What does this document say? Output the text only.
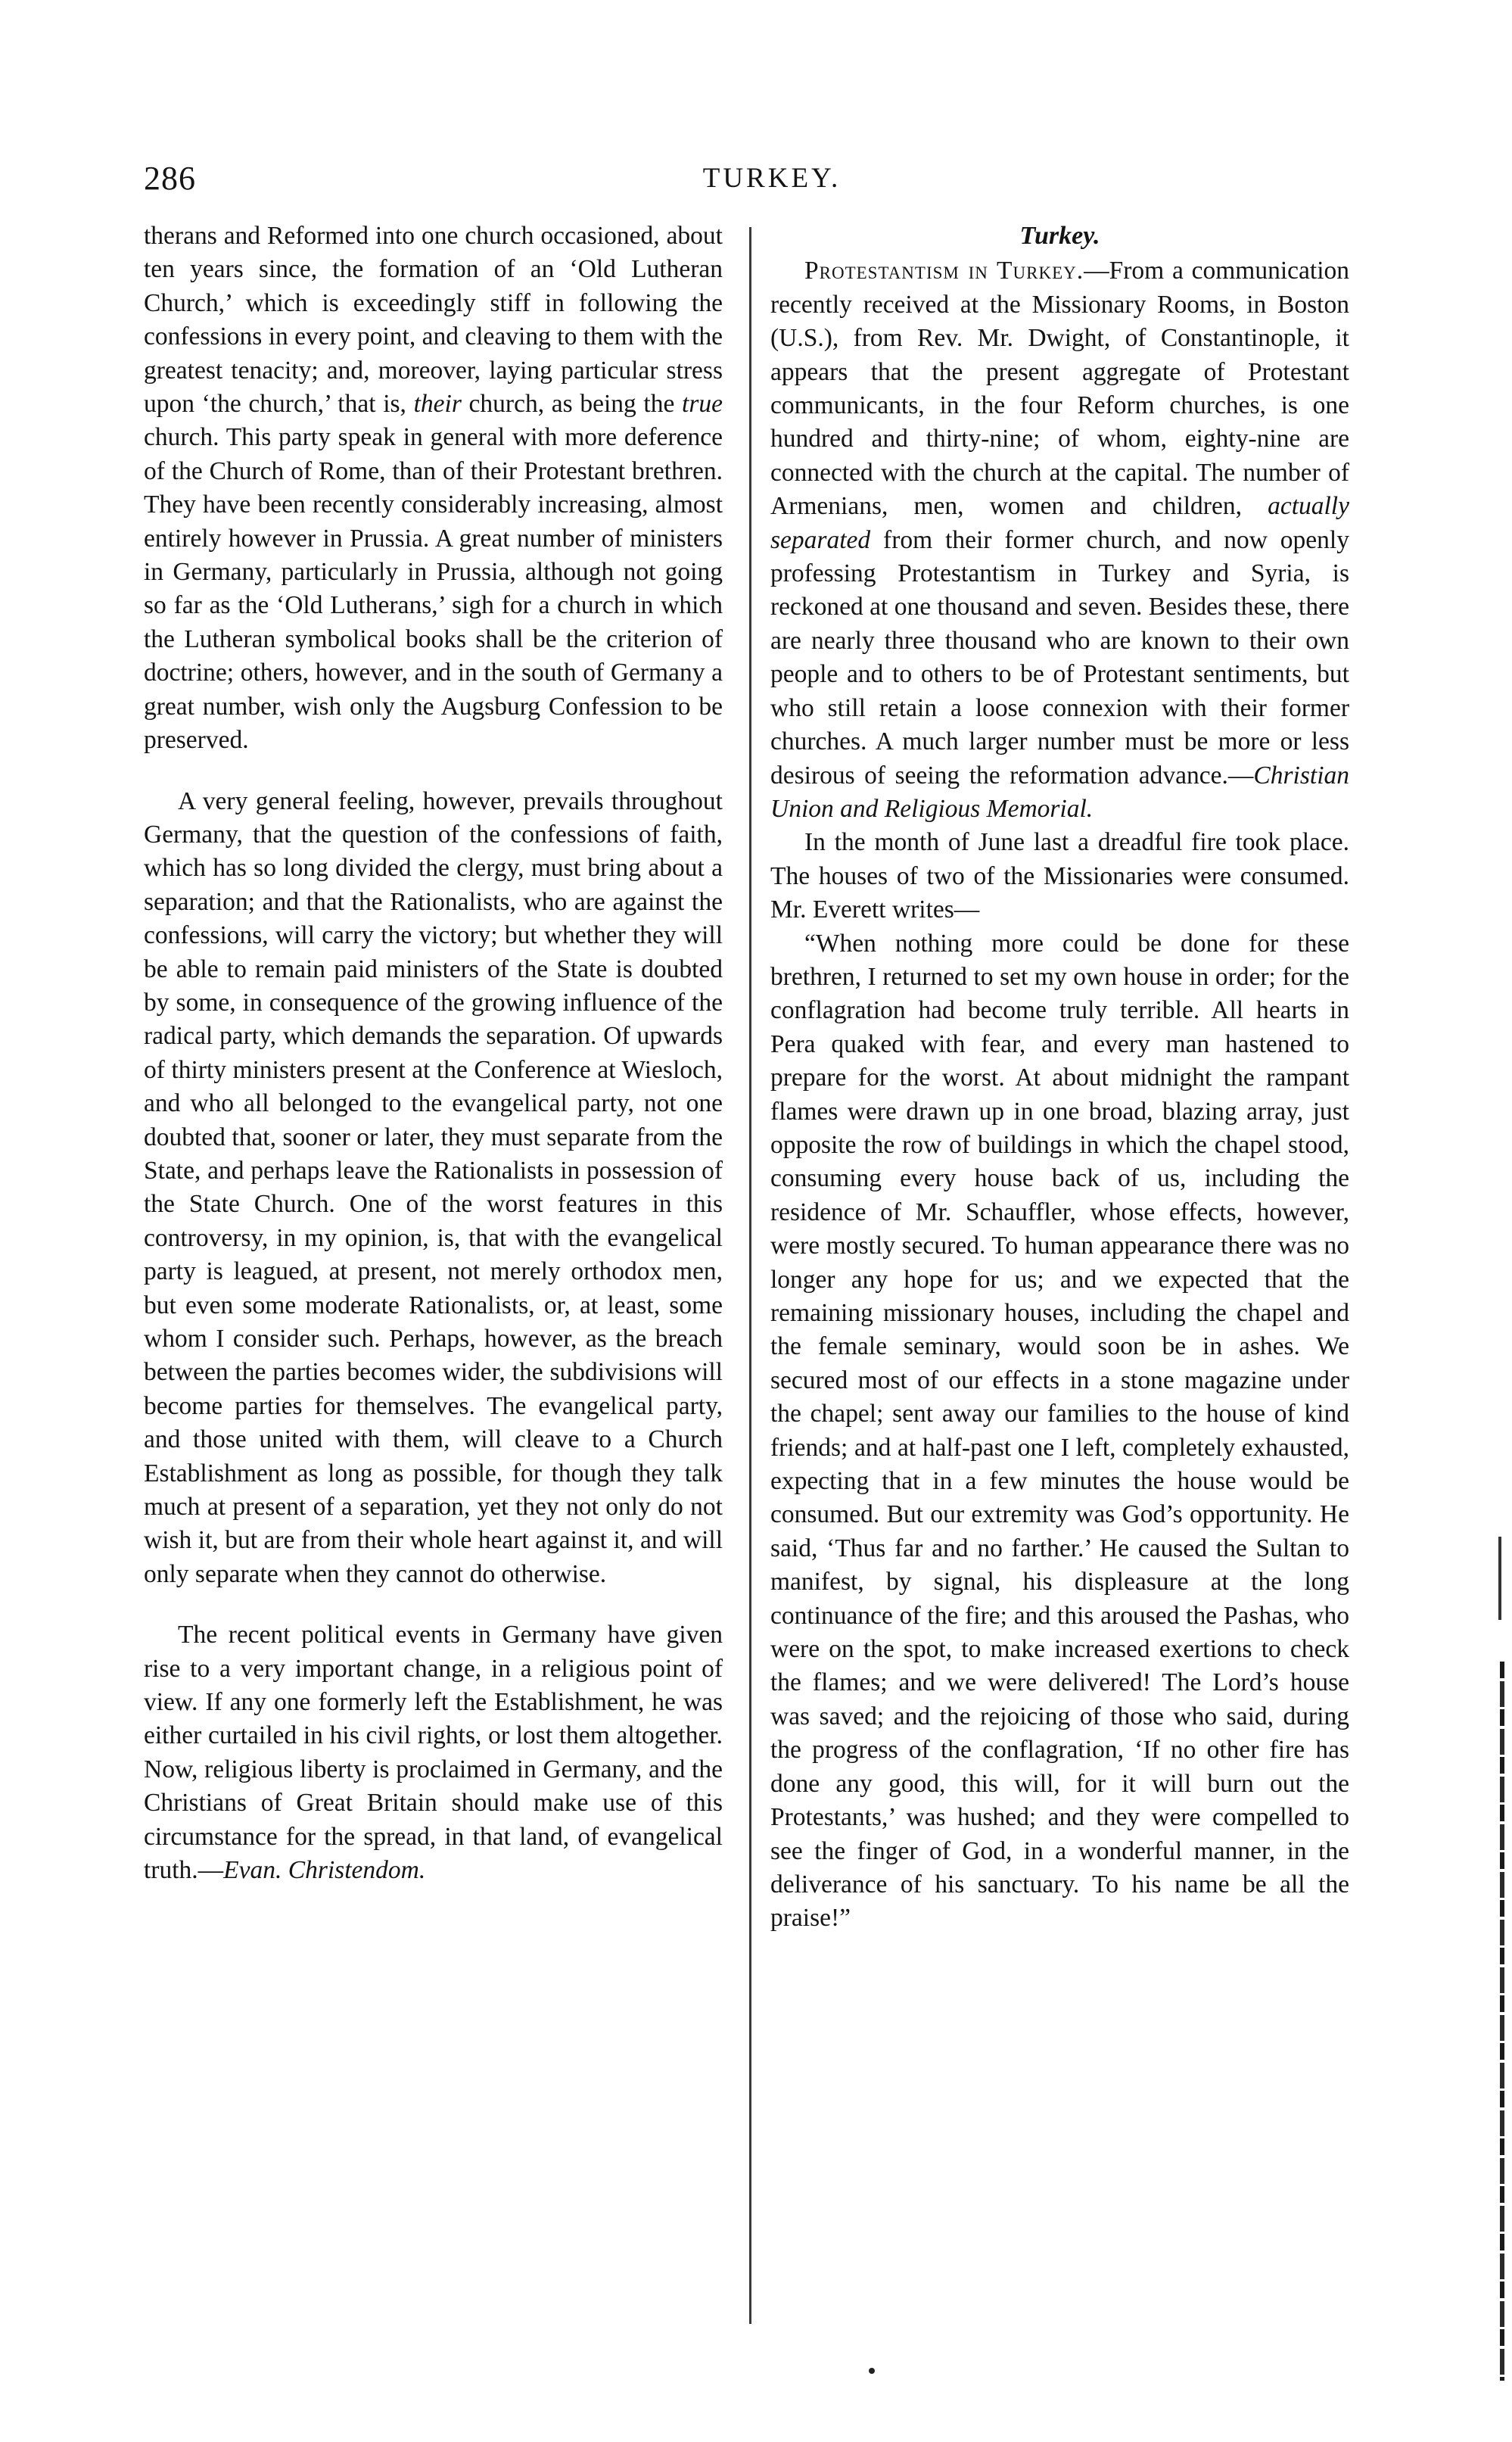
286	TURKEY.

therans and Reformed into one church occasioned, about ten years since, the formation of an ‘Old Lutheran Church,’ which is exceedingly stiff in following the confessions in every point, and cleaving to them with the greatest tenacity; and, moreover, laying particular stress upon ‘the church,’ that is, their church, as being the true church. This party speak in general with more deference of the Church of Rome, than of their Protestant brethren. They have been recently considerably increasing, almost entirely however in Prussia. A great number of ministers in Germany, particularly in Prussia, although not going so far as the ‘Old Lutherans,’ sigh for a church in which the Lutheran symbolical books shall be the criterion of doctrine; others, however, and in the south of Germany a great number, wish only the Augsburg Confession to be preserved.

A very general feeling, however, prevails throughout Germany, that the question of the confessions of faith, which has so long divided the clergy, must bring about a separation; and that the Rationalists, who are against the confessions, will carry the victory; but whether they will be able to remain paid ministers of the State is doubted by some, in consequence of the growing influence of the radical party, which demands the separation. Of upwards of thirty ministers present at the Conference at Wiesloch, and who all belonged to the evangelical party, not one doubted that, sooner or later, they must separate from the State, and perhaps leave the Rationalists in possession of the State Church. One of the worst features in this controversy, in my opinion, is, that with the evangelical party is leagued, at present, not merely orthodox men, but even some moderate Rationalists, or, at least, some whom I consider such. Perhaps, however, as the breach between the parties becomes wider, the subdivisions will become parties for themselves. The evangelical party, and those united with them, will cleave to a Church Establishment as long as possible, for though they talk much at present of a separation, yet they not only do not wish it, but are from their whole heart against it, and will only separate when they cannot do otherwise.

The recent political events in Germany have given rise to a very important change, in a religious point of view. If any one formerly left the Establishment, he was either curtailed in his civil rights, or lost them altogether. Now, religious liberty is proclaimed in Germany, and the Christians of Great Britain should make use of this circumstance for the spread, in that land, of evangelical truth.—Evan. Christendom.

Turkey.

Protestantism in Turkey.—From a communication recently received at the Missionary Rooms, in Boston (U.S.), from Rev. Mr. Dwight, of Constantinople, it appears that the present aggregate of Protestant communicants, in the four Reform churches, is one hundred and thirty-nine; of whom, eighty-nine are connected with the church at the capital. The number of Armenians, men, women and children, actually separated from their former church, and now openly professing Protestantism in Turkey and Syria, is reckoned at one thousand and seven. Besides these, there are nearly three thousand who are known to their own people and to others to be of Protestant sentiments, but who still retain a loose connexion with their former churches. A much larger number must be more or less desirous of seeing the reformation advance.—Christian Union and Religious Memorial.

In the month of June last a dreadful fire took place. The houses of two of the Missionaries were consumed. Mr. Everett writes—

“When nothing more could be done for these brethren, I returned to set my own house in order; for the conflagration had become truly terrible. All hearts in Pera quaked with fear, and every man hastened to prepare for the worst. At about midnight the rampant flames were drawn up in one broad, blazing array, just opposite the row of buildings in which the chapel stood, consuming every house back of us, including the residence of Mr. Schauffler, whose effects, however, were mostly secured. To human appearance there was no longer any hope for us; and we expected that the remaining missionary houses, including the chapel and the female seminary, would soon be in ashes. We secured most of our effects in a stone magazine under the chapel; sent away our families to the house of kind friends; and at half-past one I left, completely exhausted, expecting that in a few minutes the house would be consumed. But our extremity was God’s opportunity. He said, ‘Thus far and no farther.’ He caused the Sultan to manifest, by signal, his displeasure at the long continuance of the fire; and this aroused the Pashas, who were on the spot, to make increased exertions to check the flames; and we were delivered! The Lord’s house was saved; and the rejoicing of those who said, during the progress of the conflagration, ‘If no other fire has done any good, this will, for it will burn out the Protestants,’ was hushed; and they were compelled to see the finger of God, in a wonderful manner, in the deliverance of his sanctuary. To his name be all the praise!”
